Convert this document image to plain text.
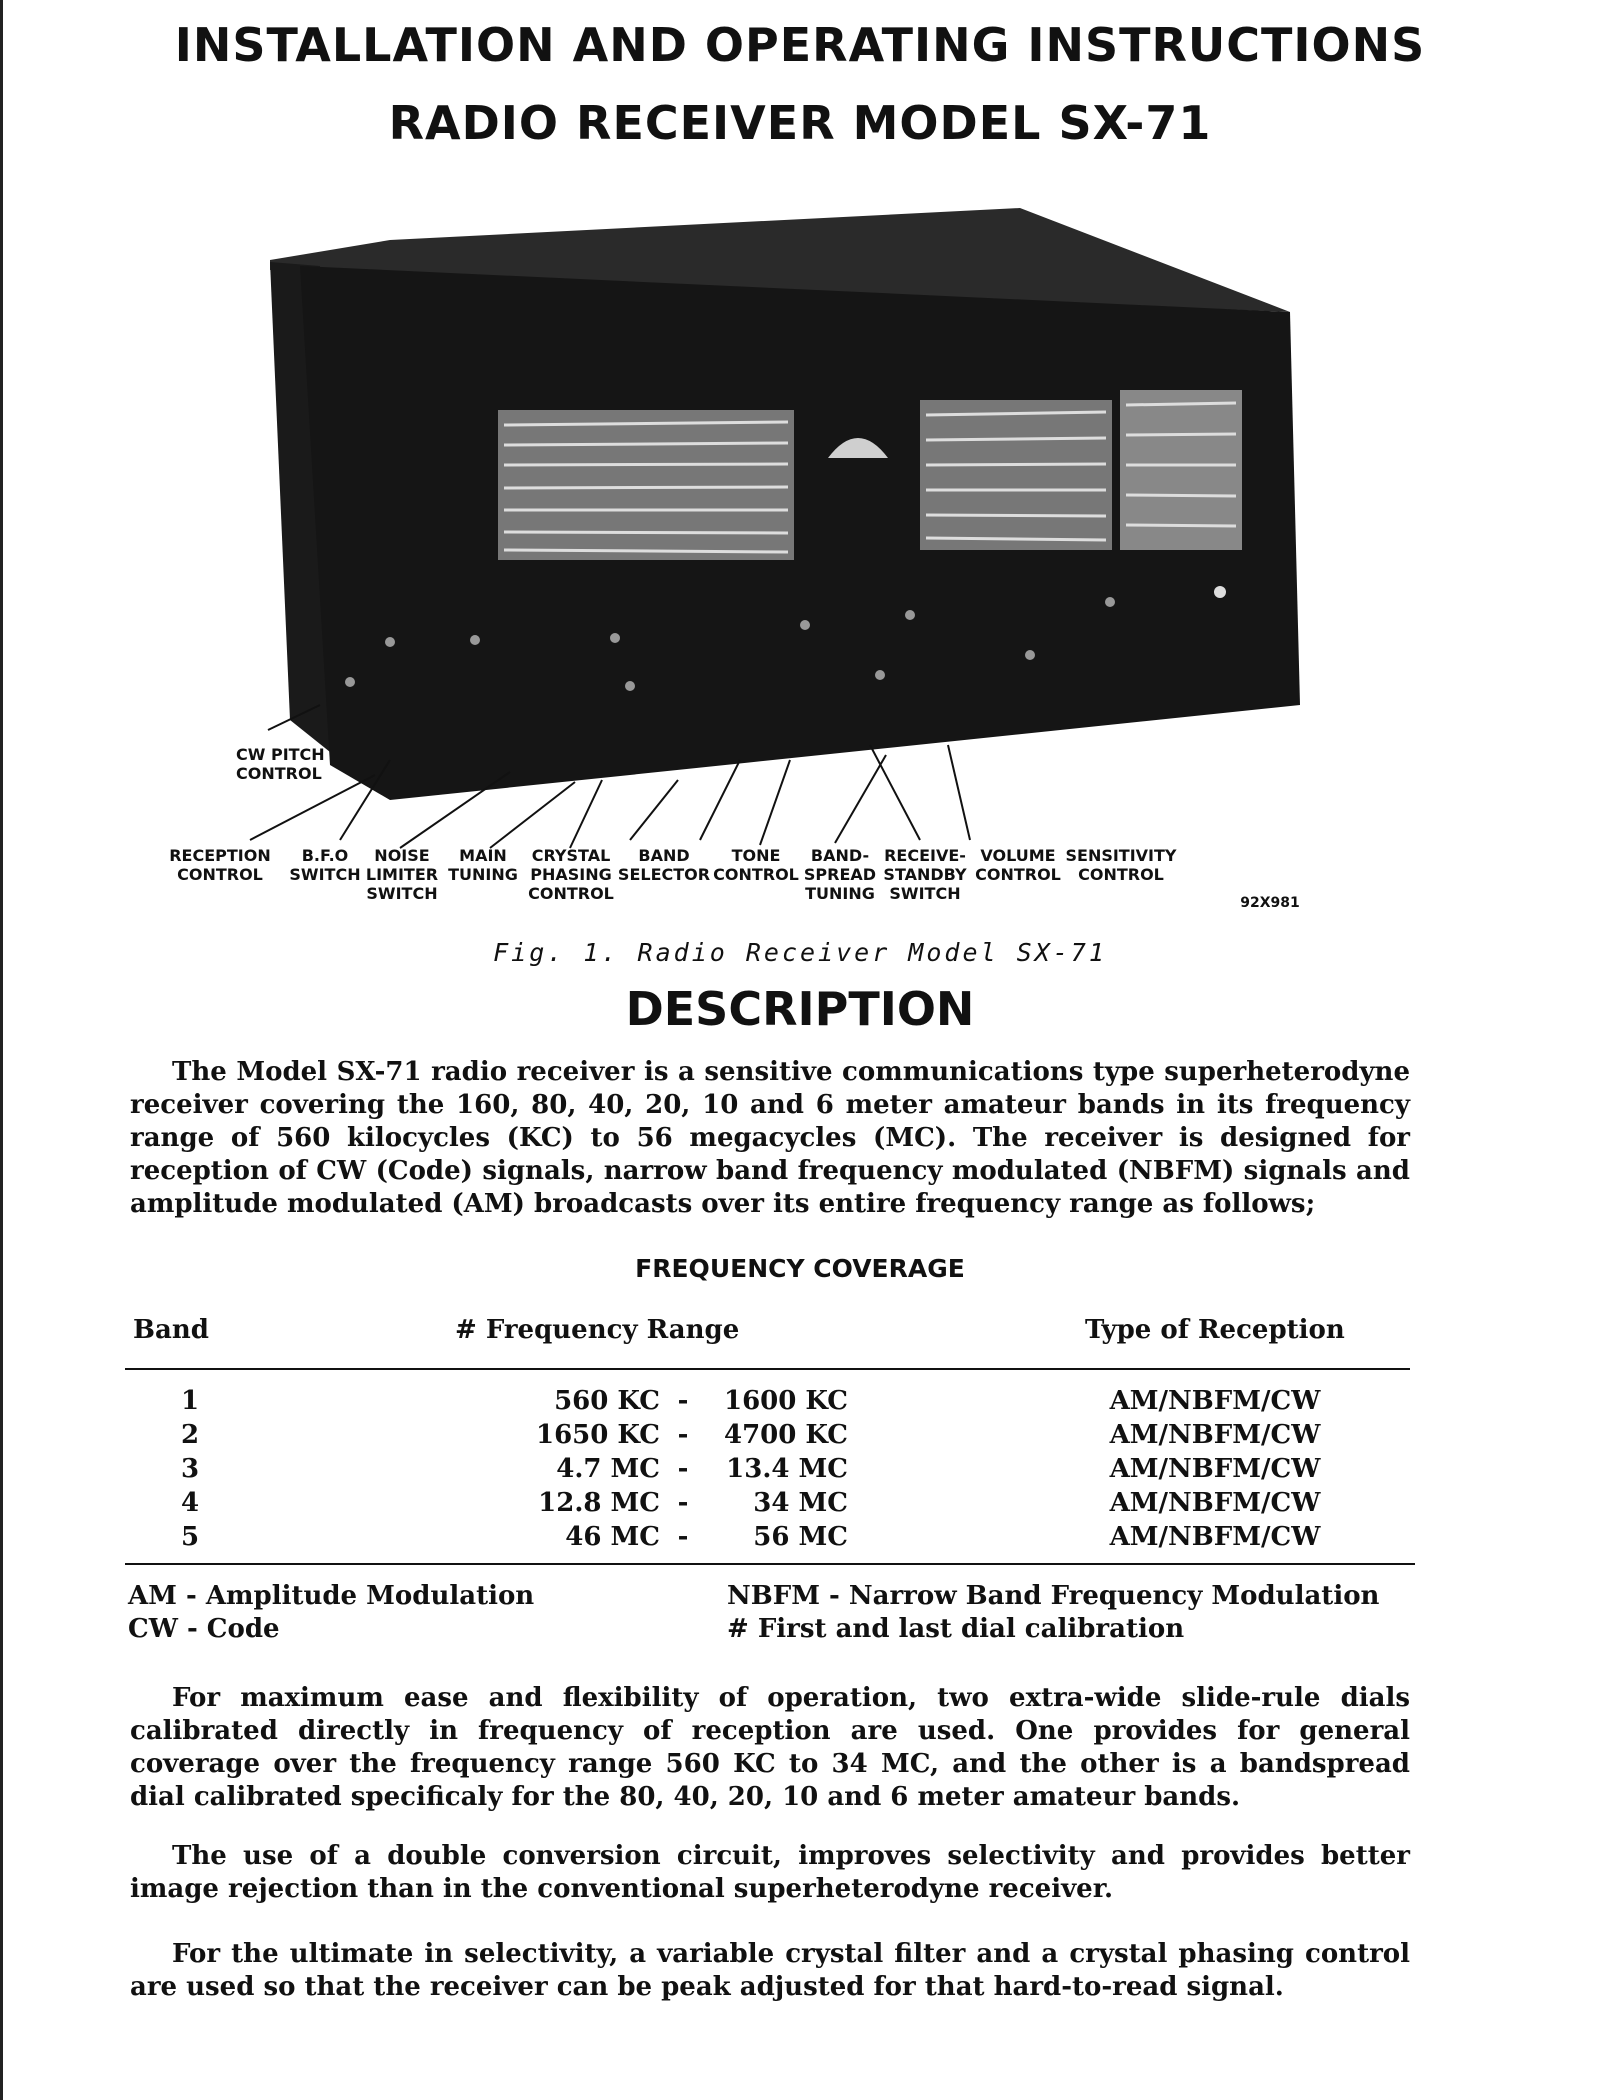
INSTALLATION AND OPERATING INSTRUCTIONS
RADIO RECEIVER MODEL SX-71
CW PITCH
CONTROL
RECEPTION
CONTROL
B.F.O
SWITCH
NOISE
LIMITER
SWITCH
MAIN
TUNING
CRYSTAL
PHASING
CONTROL
BAND
SELECTOR
TONE
CONTROL
BAND-
SPREAD
TUNING
RECEIVE-
STANDBY
SWITCH
VOLUME
CONTROL
SENSITIVITY
CONTROL
92X981
Fig. 1. Radio Receiver Model SX-71
DESCRIPTION
The Model SX-71 radio receiver is a sensitive communications type superheterodyne receiver covering the 160, 80, 40, 20, 10 and 6 meter amateur bands in its frequency range of 560 kilocycles (KC) to 56 megacycles (MC). The receiver is designed for reception of CW (Code) signals, narrow band frequency modulated (NBFM) signals and amplitude modulated (AM) broadcasts over its entire frequency range as follows;
FREQUENCY COVERAGE
Band	# Frequency Range	Type of Reception
1	560 KC -	1600 KC	AM/NBFM/CW
2	1650 KC -	4700 KC	AM/NBFM/CW
3	4.7 MC -	13.4 MC	AM/NBFM/CW
4	12.8 MC -	34 MC	AM/NBFM/CW
5	46 MC -	56 MC	AM/NBFM/CW
AM - Amplitude Modulation
CW - Code
NBFM - Narrow Band Frequency Modulation
# First and last dial calibration
For maximum ease and flexibility of operation, two extra-wide slide-rule dials calibrated directly in frequency of reception are used. One provides for general coverage over the frequency range 560 KC to 34 MC, and the other is a bandspread dial calibrated specificaly for the 80, 40, 20, 10 and 6 meter amateur bands.
The use of a double conversion circuit, improves selectivity and provides better image rejection than in the conventional superheterodyne receiver.
For the ultimate in selectivity, a variable crystal filter and a crystal phasing control are used so that the receiver can be peak adjusted for that hard-to-read signal.
